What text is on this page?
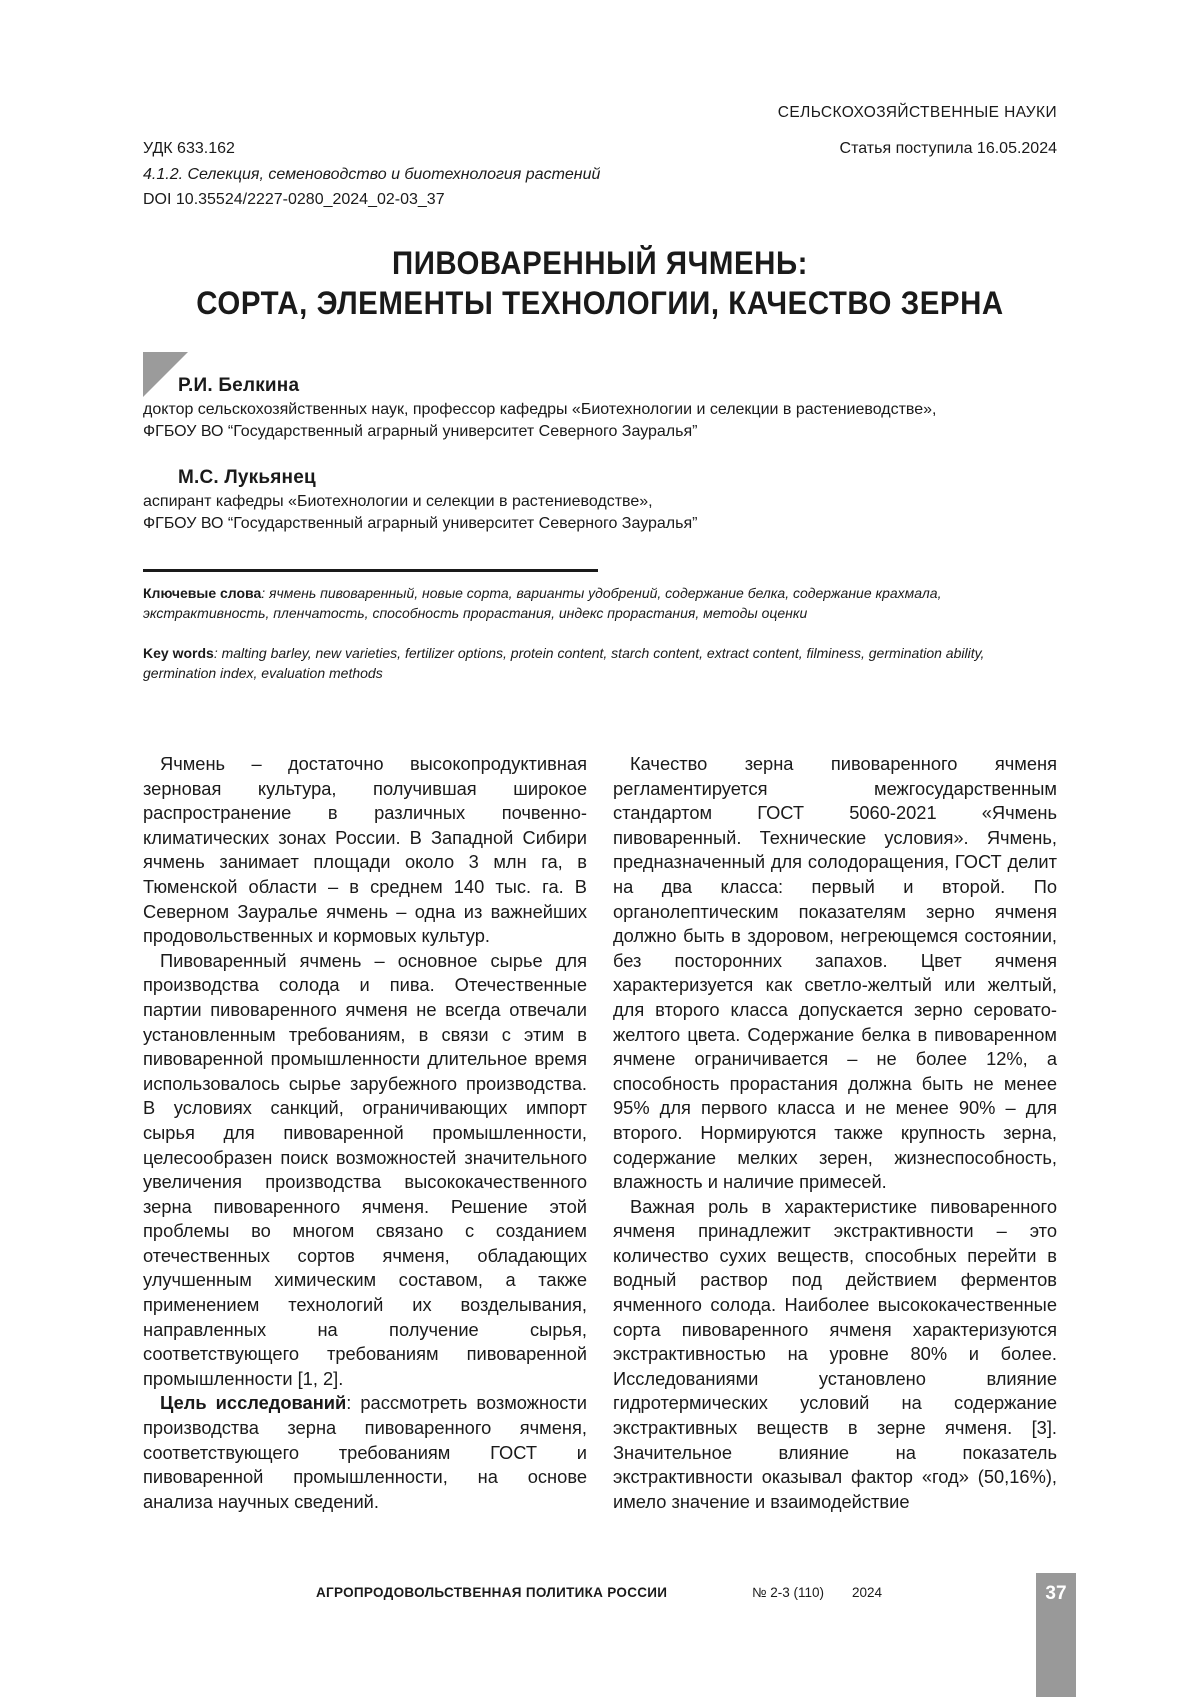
СЕЛЬСКОХОЗЯЙСТВЕННЫЕ НАУКИ
УДК 633.162	Статья поступила 16.05.2024
4.1.2. Селекция, семеноводство и биотехнология растений
DOI 10.35524/2227-0280_2024_02-03_37
ПИВОВАРЕННЫЙ ЯЧМЕНЬ:
СОРТА, ЭЛЕМЕНТЫ ТЕХНОЛОГИИ, КАЧЕСТВО ЗЕРНА
Р.И. Белкина
доктор сельскохозяйственных наук, профессор кафедры «Биотехнологии и селекции в растениеводстве»,
ФГБОУ ВО “Государственный аграрный университет Северного Зауралья”
М.С. Лукьянец
аспирант кафедры «Биотехнологии и селекции в растениеводстве»,
ФГБОУ ВО “Государственный аграрный университет Северного Зауралья”
Ключевые слова: ячмень пивоваренный, новые сорта, варианты удобрений, содержание белка, содержание крахмала, экстрактивность, пленчатость, способность прорастания, индекс прорастания, методы оценки
Key words: malting barley, new varieties, fertilizer options, protein content, starch content, extract content, filminess, germination ability, germination index, evaluation methods

Ячмень – достаточно высокопродуктивная зерновая культура, получившая широкое распространение в различных почвенно-климатических зонах России. В Западной Сибири ячмень занимает площади около 3 млн га, в Тюменской области – в среднем 140 тыс. га. В Северном Зауралье ячмень – одна из важнейших продовольственных и кормовых культур.

Пивоваренный ячмень – основное сырье для производства солода и пива. Отечественные партии пивоваренного ячменя не всегда отвечали установленным требованиям, в связи с этим в пивоваренной промышленности длительное время использовалось сырье зарубежного производства. В условиях санкций, ограничивающих импорт сырья для пивоваренной промышленности, целесообразен поиск возможностей значительного увеличения производства высококачественного зерна пивоваренного ячменя. Решение этой проблемы во многом связано с созданием отечественных сортов ячменя, обладающих улучшенным химическим составом, а также применением технологий их возделывания, направленных на получение сырья, соответствующего требованиям пивоваренной промышленности [1, 2].

Цель исследований: рассмотреть возможности производства зерна пивоваренного ячменя, соответствующего требованиям ГОСТ и пивоваренной промышленности, на основе анализа научных сведений.

Качество зерна пивоваренного ячменя регламентируется межгосударственным стандартом ГОСТ 5060-2021 «Ячмень пивоваренный. Технические условия». Ячмень, предназначенный для солодоращения, ГОСТ делит на два класса: первый и второй. По органолептическим показателям зерно ячменя должно быть в здоровом, негреющемся состоянии, без посторонних запахов. Цвет ячменя характеризуется как светло-желтый или желтый, для второго класса допускается зерно серовато-желтого цвета. Содержание белка в пивоваренном ячмене ограничивается – не более 12%, а способность прорастания должна быть не менее 95% для первого класса и не менее 90% – для второго. Нормируются также крупность зерна, содержание мелких зерен, жизнеспособность, влажность и наличие примесей.

Важная роль в характеристике пивоваренного ячменя принадлежит экстрактивности – это количество сухих веществ, способных перейти в водный раствор под действием ферментов ячменного солода. Наиболее высококачественные сорта пивоваренного ячменя характеризуются экстрактивностью на уровне 80% и более. Исследованиями установлено влияние гидротермических условий на содержание экстрактивных веществ в зерне ячменя. [3]. Значительное влияние на показатель экстрактивности оказывал фактор «год» (50,16%), имело значение и взаимодействие

АГРОПРОДОВОЛЬСТВЕННАЯ ПОЛИТИКА РОССИИ	№ 2-3 (110) 2024	37
